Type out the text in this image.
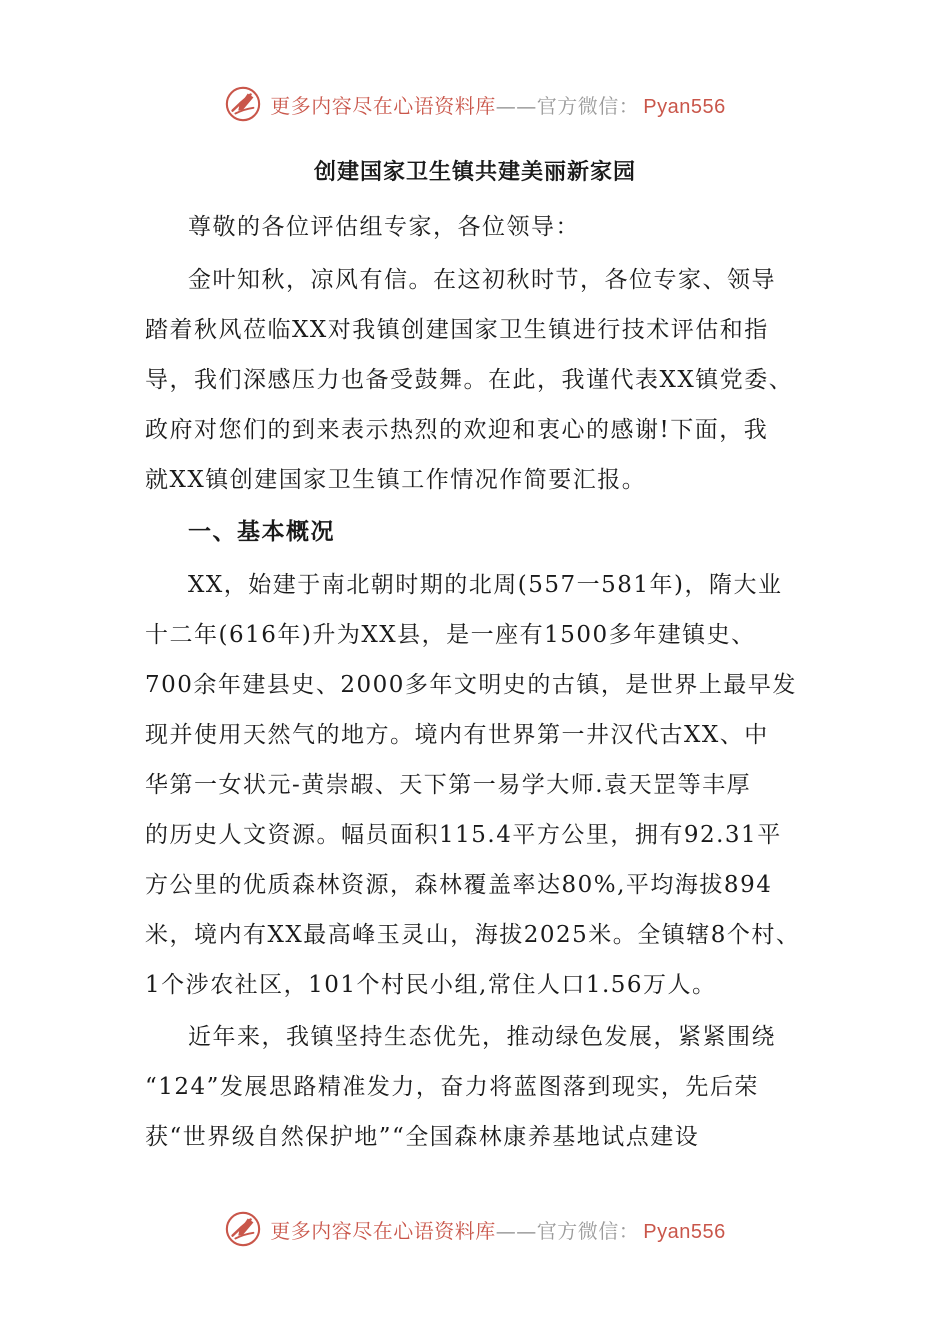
更多内容尽在心语资料库——官方微信： Pyan556
创建国家卫生镇共建美丽新家园
尊敬的各位评估组专家，各位领导：
金叶知秋，凉风有信。在这初秋时节，各位专家、领导
踏着秋风莅临XX对我镇创建国家卫生镇进行技术评估和指
导，我们深感压力也备受鼓舞。在此，我谨代表XX镇党委、
政府对您们的到来表示热烈的欢迎和衷心的感谢!下面，我
就XX镇创建国家卫生镇工作情况作简要汇报。
一、基本概况
XX，始建于南北朝时期的北周(557一581年)，隋大业
十二年(616年)升为XX县，是一座有1500多年建镇史、
700余年建县史、2000多年文明史的古镇，是世界上最早发
现并使用天然气的地方。境内有世界第一井汉代古XX、中
华第一女状元-黄崇嘏、天下第一易学大师.袁天罡等丰厚
的历史人文资源。幅员面积115.4平方公里，拥有92.31平
方公里的优质森林资源，森林覆盖率达80%,平均海拔894
米，境内有XX最高峰玉灵山，海拔2025米。全镇辖8个村、
1个涉农社区，101个村民小组,常住人口1.56万人。
近年来，我镇坚持生态优先，推动绿色发展，紧紧围绕
“124”发展思路精准发力，奋力将蓝图落到现实，先后荣
获“世界级自然保护地”“全国森林康养基地试点建设
更多内容尽在心语资料库——官方微信： Pyan556
